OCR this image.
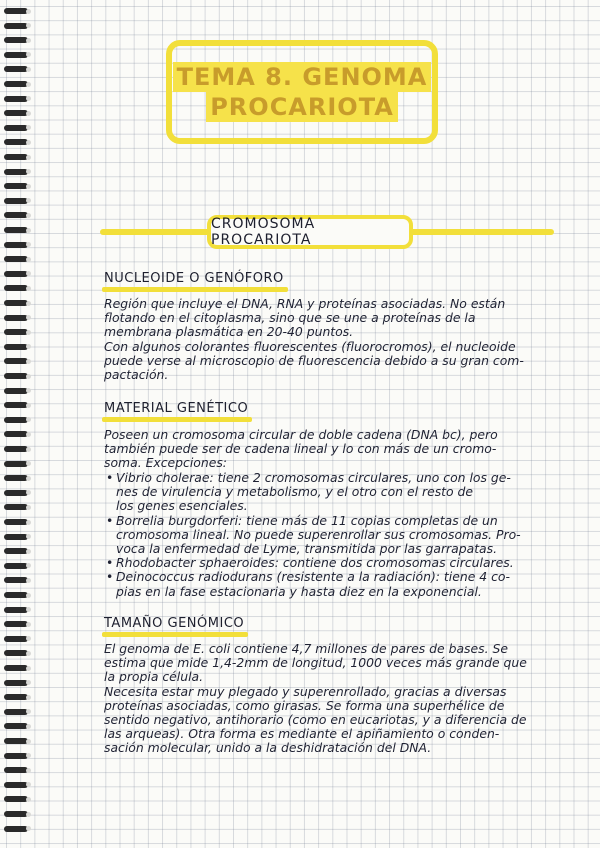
TEMA 8. GENOMA
PROCARIOTA
CROMOSOMA PROCARIOTA
NUCLEOIDE O GENÓFORO
Región que incluye el DNA, RNA y proteínas asociadas. No están
flotando en el citoplasma, sino que se une a proteínas de la
membrana plasmática en 20-40 puntos.
Con algunos colorantes fluorescentes (fluorocromos), el nucleoide
puede verse al microscopio de fluorescencia debido a su gran com-
pactación.
MATERIAL GENÉTICO
Poseen un cromosoma circular de doble cadena (DNA bc), pero
también puede ser de cadena lineal y lo con más de un cromo-
soma. Excepciones:
• Vibrio cholerae: tiene 2 cromosomas circulares, uno con los ge-
nes de virulencia y metabolismo, y el otro con el resto de
los genes esenciales.
• Borrelia burgdorferi: tiene más de 11 copias completas de un
cromosoma lineal. No puede superenrollar sus cromosomas. Pro-
voca la enfermedad de Lyme, transmitida por las garrapatas.
• Rhodobacter sphaeroides: contiene dos cromosomas circulares.
• Deinococcus radiodurans (resistente a la radiación): tiene 4 co-
pias en la fase estacionaria y hasta diez en la exponencial.
TAMAÑO GENÓMICO
El genoma de E. coli contiene 4,7 millones de pares de bases. Se
estima que mide 1,4-2mm de longitud, 1000 veces más grande que
la propia célula.
Necesita estar muy plegado y superenrollado, gracias a diversas
proteínas asociadas, como girasas. Se forma una superhélice de
sentido negativo, antihorario (como en eucariotas, y a diferencia de
las arqueas). Otra forma es mediante el apiñamiento o conden-
sación molecular, unido a la deshidratación del DNA.
